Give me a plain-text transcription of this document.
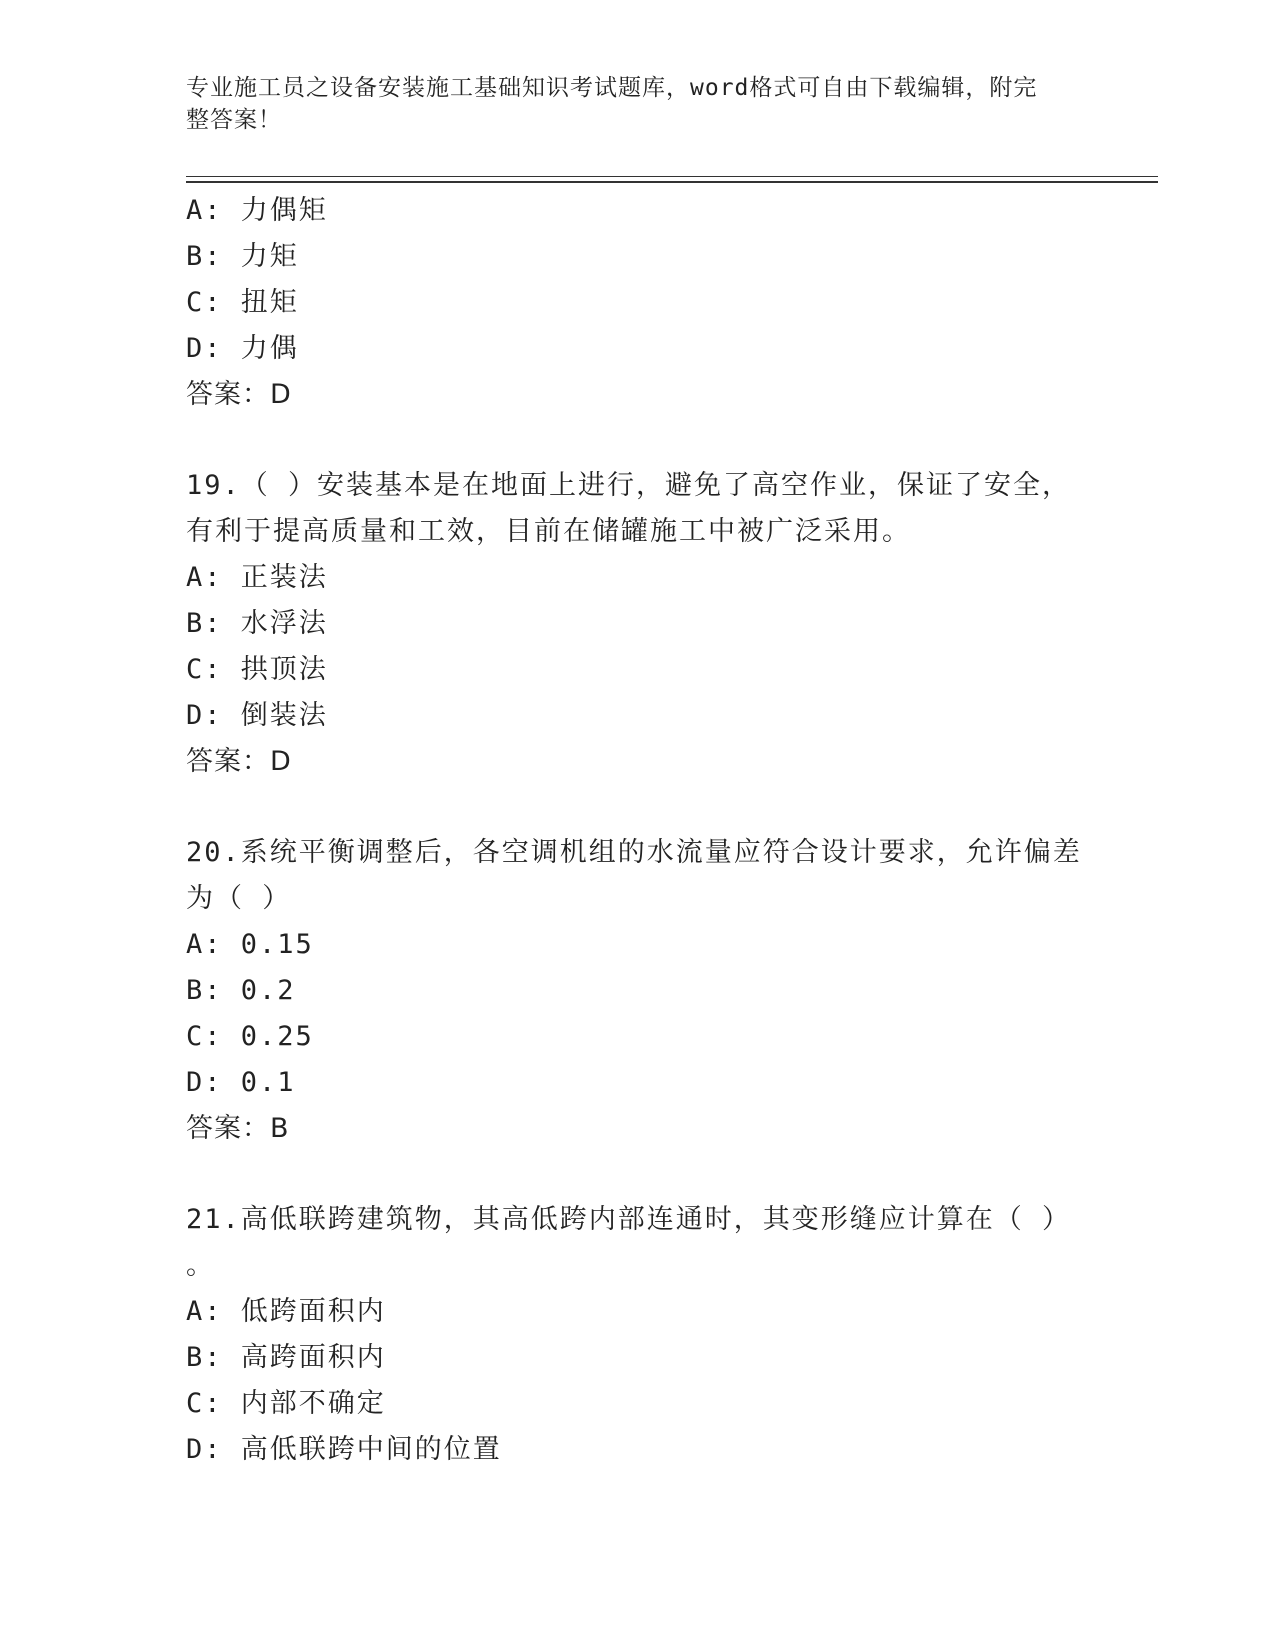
专业施工员之设备安装施工基础知识考试题库，word格式可自由下载编辑，附完
整答案！
A: 力偶矩
B: 力矩
C: 扭矩
D: 力偶
答案：D
19.（ ）安装基本是在地面上进行，避免了高空作业，保证了安全，
有利于提高质量和工效，目前在储罐施工中被广泛采用。
A: 正装法
B: 水浮法
C: 拱顶法
D: 倒装法
答案：D
20.系统平衡调整后，各空调机组的水流量应符合设计要求，允许偏差
为（ ）
A: 0.15
B: 0.2
C: 0.25
D: 0.1
答案：B
21.高低联跨建筑物，其高低跨内部连通时，其变形缝应计算在（ ）
。
A: 低跨面积内
B: 高跨面积内
C: 内部不确定
D: 高低联跨中间的位置
